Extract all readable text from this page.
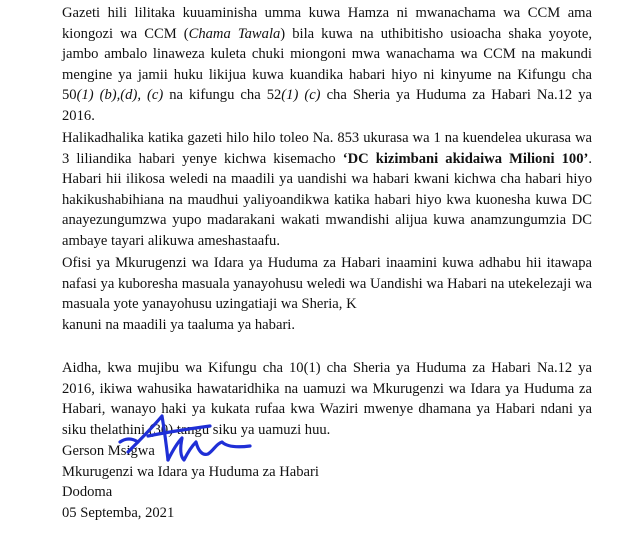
Gazeti hili lilitaka kuuaminisha umma kuwa Hamza ni mwanachama wa CCM ama kiongozi wa CCM (Chama Tawala) bila kuwa na uthibitisho usioacha shaka yoyote, jambo ambalo linaweza kuleta chuki miongoni mwa wanachama wa CCM na makundi mengine ya jamii huku likijua kuwa kuandika habari hiyo ni kinyume na Kifungu cha 50(1) (b),(d), (c) na kifungu cha 52(1) (c) cha Sheria ya Huduma za Habari Na.12 ya 2016.

Halikadhalika katika gazeti hilo hilo toleo Na. 853 ukurasa wa 1 na kuendelea ukurasa wa 3 liliandika habari yenye kichwa kisemacho ‘DC kizimbani akidaiwa Milioni 100’. Habari hii ilikosa weledi na maadili ya uandishi wa habari kwani kichwa cha habari hiyo hakikushabihiana na maudhui yaliyoandikwa katika habari hiyo kwa kuonesha kuwa DC anayezungumzwa yupo madarakani wakati mwandishi alijua kuwa anamzungumzia DC ambaye tayari alikuwa ameshastaafu.

Ofisi ya Mkurugenzi wa Idara ya Huduma za Habari inaamini kuwa adhabu hii itawapa nafasi ya kuboresha masuala yanayohusu weledi wa Uandishi wa Habari na utekelezaji wa masuala yote yanayohusu uzingatiaji wa Sheria, K
kanuni na maadili ya taaluma ya habari.

Aidha, kwa mujibu wa Kifungu cha 10(1) cha Sheria ya Huduma za Habari Na.12 ya 2016, ikiwa wahusika hawataridhika na uamuzi wa Mkurugenzi wa Idara ya Huduma za Habari, wanayo haki ya kukata rufaa kwa Waziri mwenye dhamana ya Habari ndani ya siku thelathini (30) tangu siku ya uamuzi huu.

Gerson Msigwa
Mkurugenzi wa Idara ya Huduma za Habari
Dodoma
05 Septemba, 2021
